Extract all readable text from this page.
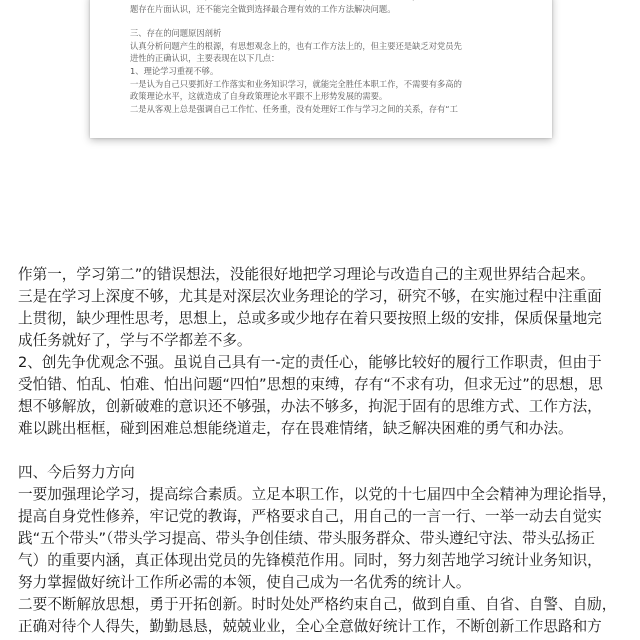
题存在片面认识，还不能完全做到选择最合理有效的工作方法解决问题。
三、存在的问题原因剖析
认真分析问题产生的根源，有思想观念上的，也有工作方法上的，但主要还是缺乏对党员先
进性的正确认识，主要表现在以下几点：
1、理论学习重视不够。
一是认为自己只要抓好工作落实和业务知识学习，就能完全胜任本职工作，不需要有多高的
政策理论水平，这就造成了自身政策理论水平跟不上形势发展的需要。
二是从客观上总是强调自己工作忙、任务重，没有处理好工作与学习之间的关系，存有“工
作第一，学习第二”的错误想法，没能很好地把学习理论与改造自己的主观世界结合起来。
三是在学习上深度不够，尤其是对深层次业务理论的学习，研究不够，在实施过程中注重面
上贯彻，缺少理性思考，思想上，总或多或少地存在着只要按照上级的安排，保质保量地完
成任务就好了，学与不学都差不多。
2、创先争优观念不强。虽说自己具有一-定的责任心，能够比较好的履行工作职责，但由于
受怕错、怕乱、怕难、怕出问题“四怕”思想的束缚，存有“不求有功，但求无过”的思想，思
想不够解放，创新破难的意识还不够强，办法不够多，拘泥于固有的思维方式、工作方法，
难以跳出框框，碰到困难总想能绕道走，存在畏难情绪，缺乏解决困难的勇气和办法。
四、今后努力方向
一要加强理论学习，提高综合素质。立足本职工作，以党的十七届四中全会精神为理论指导，
提高自身党性修养，牢记党的教诲，严格要求自己，用自己的一言一行、一举一动去自觉实
践“五个带头”（带头学习提高、带头争创佳绩、带头服务群众、带头遵纪守法、带头弘扬正
气）的重要内涵，真正体现出党员的先锋模范作用。同时，努力刻苦地学习统计业务知识，
努力掌握做好统计工作所必需的本领，使自己成为一名优秀的统计人。
二要不断解放思想，勇于开拓创新。时时处处严格约束自己，做到自重、自省、自警、自励，
正确对待个人得失，勤勤恳恳，兢兢业业，全心全意做好统计工作，不断创新工作思路和方
